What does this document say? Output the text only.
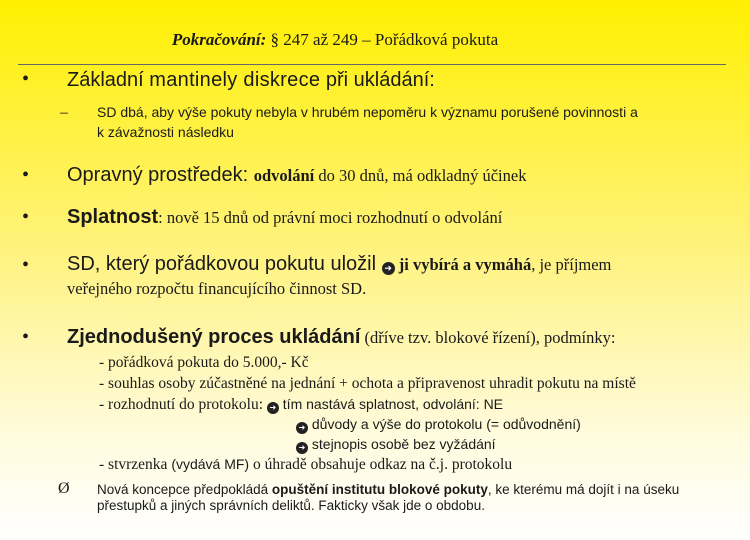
Pokračování: § 247 až 249 – Pořádková pokuta
• Základní mantinely diskrece při ukládání:
– SD dbá, aby výše pokuty nebyla v hrubém nepoměru k významu porušené povinnosti a
k závažnosti následku
• Opravný prostředek: odvolání do 30 dnů, má odkladný účinek
• Splatnost: nově 15 dnů od právní moci rozhodnutí o odvolání
• SD, který pořádkovou pokutu uložil ➜ ji vybírá a vymáhá, je příjmem
veřejného rozpočtu financujícího činnost SD.
• Zjednodušený proces ukládání (dříve tzv. blokové řízení), podmínky:
- pořádková pokuta do 5.000,- Kč
- souhlas osoby zúčastněné na jednání + ochota a připravenost uhradit pokutu na místě
- rozhodnutí do protokolu: ➜ tím nastává splatnost, odvolání: NE
➜ důvody a výše do protokolu (= odůvodnění)
➜ stejnopis osobě bez vyžádání
- stvrzenka (vydává MF) o úhradě obsahuje odkaz na č.j. protokolu
Ø Nová koncepce předpokládá opuštění institutu blokové pokuty, ke kterému má dojít i na úseku
přestupků a jiných správních deliktů. Fakticky však jde o obdobu.
